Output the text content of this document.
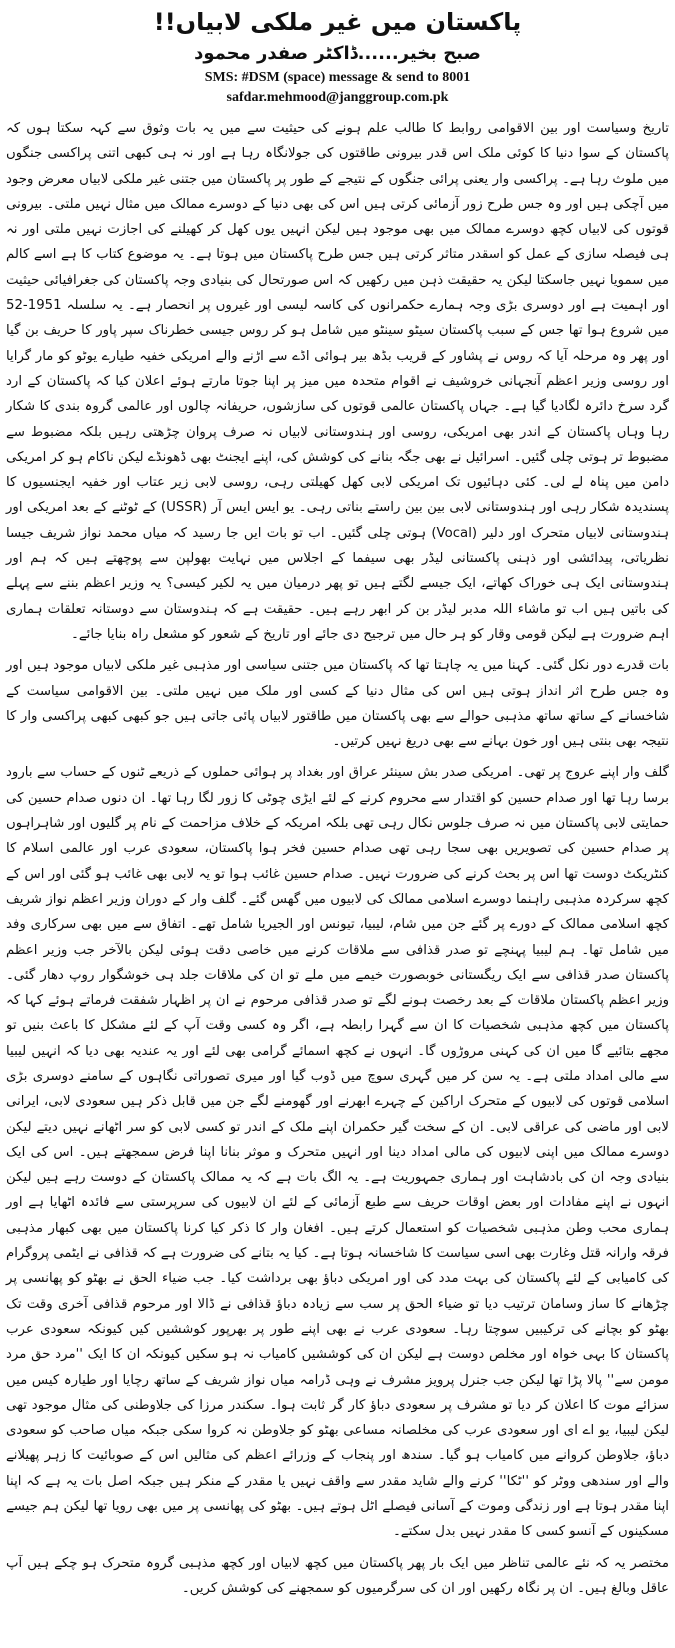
پاکستان میں غیر ملکی لابیاں!!
صبح بخیر......ڈاکٹر صفدر محمود
SMS: #DSM (space) message & send to 8001
safdar.mehmood@janggroup.com.pk

تاریخ وسیاست اور بین الاقوامی روابط کا طالب علم ہونے کی حیثیت سے میں یہ بات وثوق سے کہہ سکتا ہوں کہ پاکستان کے سوا دنیا کا کوئی ملک اس قدر بیرونی طاقتوں کی جولانگاہ رہا ہے اور نہ ہی کبھی اتنی پراکسی جنگوں میں ملوث رہا ہے۔ پراکسی وار یعنی پرائی جنگوں کے نتیجے کے طور پر پاکستان میں جتنی غیر ملکی لابیاں معرض وجود میں آچکی ہیں اور وہ جس طرح زور آزمائی کرتی ہیں اس کی بھی دنیا کے دوسرے ممالک میں مثال نہیں ملتی۔ بیرونی قوتوں کی لابیاں کچھ دوسرے ممالک میں بھی موجود ہیں لیکن انہیں یوں کھل کر کھیلنے کی اجازت نہیں ملتی اور نہ ہی فیصلہ سازی کے عمل کو اسقدر متاثر کرتی ہیں جس طرح پاکستان میں ہوتا ہے۔ یہ موضوع کتاب کا ہے اسے کالم میں سمویا نہیں جاسکتا لیکن یہ حقیقت ذہن میں رکھیں کہ اس صورتحال کی بنیادی وجہ پاکستان کی جغرافیائی حیثیت اور اہمیت ہے اور دوسری بڑی وجہ ہمارے حکمرانوں کی کاسہ لیسی اور غیروں پر انحصار ہے۔ یہ سلسلہ 1951-52 میں شروع ہوا تھا جس کے سبب پاکستان سیٹو سینٹو میں شامل ہو کر روس جیسی خطرناک سپر پاور کا حریف بن گیا اور پھر وہ مرحلہ آیا کہ روس نے پشاور کے قریب بڈھ بیر ہوائی اڈے سے اڑنے والے امریکی خفیہ طیارے یوٹو کو مار گرایا اور روسی وزیر اعظم آنجہانی خروشیف نے اقوام متحدہ میں میز پر اپنا جوتا مارتے ہوئے اعلان کیا کہ پاکستان کے ارد گرد سرخ دائرہ لگادیا گیا ہے۔ جہاں پاکستان عالمی قوتوں کی سازشوں، حریفانہ چالوں اور عالمی گروہ بندی کا شکار رہا وہاں پاکستان کے اندر بھی امریکی، روسی اور ہندوستانی لابیاں نہ صرف پروان چڑھتی رہیں بلکہ مضبوط سے مضبوط تر ہوتی چلی گئیں۔ اسرائیل نے بھی جگہ بنانے کی کوشش کی، اپنے ایجنٹ بھی ڈھونڈے لیکن ناکام ہو کر امریکی دامن میں پناہ لے لی۔ کئی دہائیوں تک امریکی لابی کھل کھیلتی رہی، روسی لابی زیر عتاب اور خفیہ ایجنسیوں کا پسندیدہ شکار رہی اور ہندوستانی لابی بین بین راستے بناتی رہی۔ یو ایس ایس آر (USSR) کے ٹوٹنے کے بعد امریکی اور ہندوستانی لابیاں متحرک اور دلیر (Vocal) ہوتی چلی گئیں۔ اب تو بات ایں جا رسید کہ میاں محمد نواز شریف جیسا نظریاتی، پیدائشی اور ذہنی پاکستانی لیڈر بھی سیفما کے اجلاس میں نہایت بھولپن سے پوچھتے ہیں کہ ہم اور ہندوستانی ایک ہی خوراک کھاتے، ایک جیسے لگتے ہیں تو پھر درمیان میں یہ لکیر کیسی؟ یہ وزیر اعظم بننے سے پہلے کی باتیں ہیں اب تو ماشاء اللہ مدبر لیڈر بن کر ابھر رہے ہیں۔ حقیقت ہے کہ ہندوستان سے دوستانہ تعلقات ہماری اہم ضرورت ہے لیکن قومی وقار کو ہر حال میں ترجیح دی جائے اور تاریخ کے شعور کو مشعل راہ بنایا جائے۔

بات قدرے دور نکل گئی۔ کہنا میں یہ چاہتا تھا کہ پاکستان میں جتنی سیاسی اور مذہبی غیر ملکی لابیاں موجود ہیں اور وہ جس طرح اثر انداز ہوتی ہیں اس کی مثال دنیا کے کسی اور ملک میں نہیں ملتی۔ بین الاقوامی سیاست کے شاخسانے کے ساتھ ساتھ مذہبی حوالے سے بھی پاکستان میں طاقتور لابیاں پائی جاتی ہیں جو کبھی کبھی پراکسی وار کا نتیجہ بھی بنتی ہیں اور خون بہانے سے بھی دریغ نہیں کرتیں۔

گلف وار اپنے عروج پر تھی۔ امریکی صدر بش سینئر عراق اور بغداد پر ہوائی حملوں کے ذریعے ٹنوں کے حساب سے بارود برسا رہا تھا اور صدام حسین کو اقتدار سے محروم کرنے کے لئے ایڑی چوٹی کا زور لگا رہا تھا۔ ان دنوں صدام حسین کی حمایتی لابی پاکستان میں نہ صرف جلوس نکال رہی تھی بلکہ امریکہ کے خلاف مزاحمت کے نام پر گلیوں اور شاہراہوں پر صدام حسین کی تصویریں بھی سجا رہی تھی صدام حسین فخر ہوا پاکستان، سعودی عرب اور عالمی اسلام کا کنٹریکٹ دوست تھا اس پر بحث کرنے کی ضرورت نہیں۔ صدام حسین غائب ہوا تو یہ لابی بھی غائب ہو گئی اور اس کے کچھ سرکردہ مذہبی راہنما دوسرے اسلامی ممالک کی لابیوں میں گھس گئے۔ گلف وار کے دوران وزیر اعظم نواز شریف کچھ اسلامی ممالک کے دورے پر گئے جن میں شام، لیبیا، تیونس اور الجیریا شامل تھے۔ اتفاق سے میں بھی سرکاری وفد میں شامل تھا۔ ہم لیبیا پہنچے تو صدر قذافی سے ملاقات کرنے میں خاصی دقت ہوئی لیکن بالآخر جب وزیر اعظم پاکستان صدر قذافی سے ایک ریگستانی خوبصورت خیمے میں ملے تو ان کی ملاقات جلد ہی خوشگوار روپ دھار گئی۔ وزیر اعظم پاکستان ملاقات کے بعد رخصت ہونے لگے تو صدر قذافی مرحوم نے ان پر اظہار شفقت فرماتے ہوئے کہا کہ پاکستان میں کچھ مذہبی شخصیات کا ان سے گہرا رابطہ ہے، اگر وہ کسی وقت آپ کے لئے مشکل کا باعث بنیں تو مجھے بتائیے گا میں ان کی کہنی مروڑوں گا۔ انہوں نے کچھ اسمائے گرامی بھی لئے اور یہ عندیہ بھی دیا کہ انہیں لیبیا سے مالی امداد ملتی ہے۔ یہ سن کر میں گہری سوچ میں ڈوب گیا اور میری تصوراتی نگاہوں کے سامنے دوسری بڑی اسلامی قوتوں کی لابیوں کے متحرک اراکین کے چہرے ابھرنے اور گھومنے لگے جن میں قابل ذکر ہیں سعودی لابی، ایرانی لابی اور ماضی کی عراقی لابی۔ ان کے سخت گیر حکمران اپنے ملک کے اندر تو کسی لابی کو سر اٹھانے نہیں دیتے لیکن دوسرے ممالک میں اپنی لابیوں کی مالی امداد دینا اور انہیں متحرک و موثر بنانا اپنا فرض سمجھتے ہیں۔ اس کی ایک بنیادی وجہ ان کی بادشاہت اور ہماری جمہوریت ہے۔ یہ الگ بات ہے کہ یہ ممالک پاکستان کے دوست رہے ہیں لیکن انہوں نے اپنے مفادات اور بعض اوقات حریف سے طبع آزمائی کے لئے ان لابیوں کی سرپرستی سے فائدہ اٹھایا ہے اور ہماری محب وطن مذہبی شخصیات کو استعمال کرتے ہیں۔ افغان وار کا ذکر کیا کرنا پاکستان میں بھی کبھار مذہبی فرقہ وارانہ قتل وغارت بھی اسی سیاست کا شاخسانہ ہوتا ہے۔ کیا یہ بتانے کی ضرورت ہے کہ قذافی نے ایٹمی پروگرام کی کامیابی کے لئے پاکستان کی بہت مدد کی اور امریکی دباؤ بھی برداشت کیا۔ جب ضیاء الحق نے بھٹو کو پھانسی پر چڑھانے کا ساز وسامان ترتیب دیا تو ضیاء الحق پر سب سے زیادہ دباؤ قذافی نے ڈالا اور مرحوم قذافی آخری وقت تک بھٹو کو بچانے کی ترکیبیں سوچتا رہا۔ سعودی عرب نے بھی اپنے طور پر بھرپور کوششیں کیں کیونکہ سعودی عرب پاکستان کا بہی خواہ اور مخلص دوست ہے لیکن ان کی کوششیں کامیاب نہ ہو سکیں کیونکہ ان کا ایک ''مرد حق مرد مومن سے'' پالا پڑا تھا لیکن جب جنرل پرویز مشرف نے وہی ڈرامہ میاں نواز شریف کے ساتھ رچایا اور طیارہ کیس میں سزائے موت کا اعلان کر دیا تو مشرف پر سعودی دباؤ کار گر ثابت ہوا۔ سکندر مرزا کی جلاوطنی کی مثال موجود تھی لیکن لیبیا، یو اے ای اور سعودی عرب کی مخلصانہ مساعی بھٹو کو جلاوطن نہ کروا سکی جبکہ میاں صاحب کو سعودی دباؤ، جلاوطن کروانے میں کامیاب ہو گیا۔ سندھ اور پنجاب کے وزرائے اعظم کی مثالیں اس کے صوبائیت کا زہر پھیلانے والے اور سندھی ووٹر کو ''ٹکا'' کرنے والے شاید مقدر سے واقف نہیں یا مقدر کے منکر ہیں جبکہ اصل بات یہ ہے کہ اپنا اپنا مقدر ہوتا ہے اور زندگی وموت کے آسانی فیصلے اٹل ہوتے ہیں۔ بھٹو کی پھانسی پر میں بھی رویا تھا لیکن ہم جیسے مسکینوں کے آنسو کسی کا مقدر نہیں بدل سکتے۔

مختصر یہ کہ نئے عالمی تناظر میں ایک بار پھر پاکستان میں کچھ لابیاں اور کچھ مذہبی گروہ متحرک ہو چکے ہیں آپ عاقل وبالغ ہیں۔ ان پر نگاہ رکھیں اور ان کی سرگرمیوں کو سمجھنے کی کوشش کریں۔
